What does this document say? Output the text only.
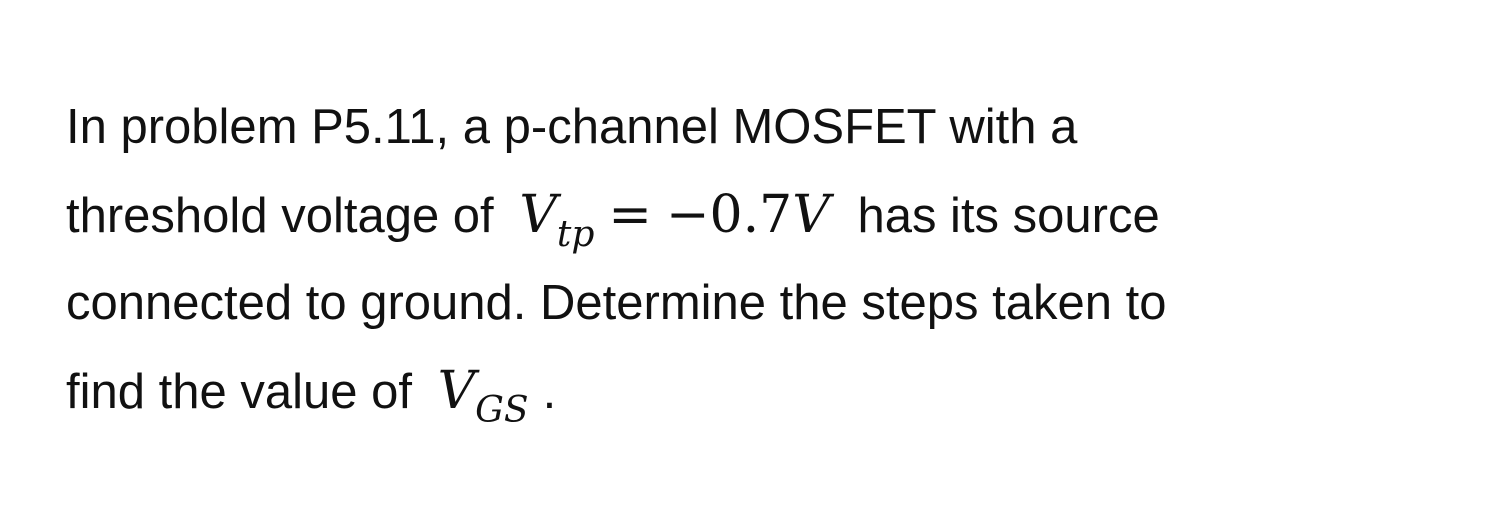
In problem P5.11, a p-channel MOSFET with a
threshold voltage of $V_{tp} = -0.7V$ has its source
connected to ground. Determine the steps taken to
find the value of $V_{GS}$ .
